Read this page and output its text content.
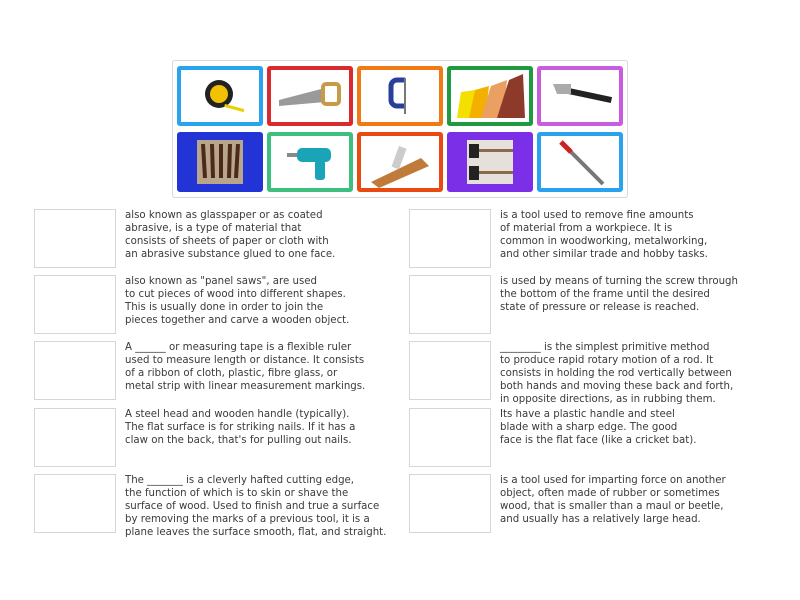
also known as glasspaper or as coated
abrasive, is a type of material that
consists of sheets of paper or cloth with
an abrasive substance glued to one face.
also known as "panel saws", are used
to cut pieces of wood into different shapes.
This is usually done in order to join the
pieces together and carve a wooden object.
A ______ or measuring tape is a flexible ruler
used to measure length or distance. It consists
of a ribbon of cloth, plastic, fibre glass, or
metal strip with linear measurement markings.
A steel head and wooden handle (typically).
The flat surface is for striking nails. If it has a
claw on the back, that's for pulling out nails.
The _______ is a cleverly hafted cutting edge,
the function of which is to skin or shave the
surface of wood. Used to finish and true a surface
by removing the marks of a previous tool, it is a
plane leaves the surface smooth, flat, and straight.
is a tool used to remove fine amounts
of material from a workpiece. It is
common in woodworking, metalworking,
and other similar trade and hobby tasks.
is used by means of turning the screw through
the bottom of the frame until the desired
state of pressure or release is reached.
________ is the simplest primitive method
to produce rapid rotary motion of a rod. It
consists in holding the rod vertically between
both hands and moving these back and forth,
in opposite directions, as in rubbing them.
Its have a plastic handle and steel
blade with a sharp edge. The good
face is the flat face (like a cricket bat).
is a tool used for imparting force on another
object, often made of rubber or sometimes
wood, that is smaller than a maul or beetle,
and usually has a relatively large head.
